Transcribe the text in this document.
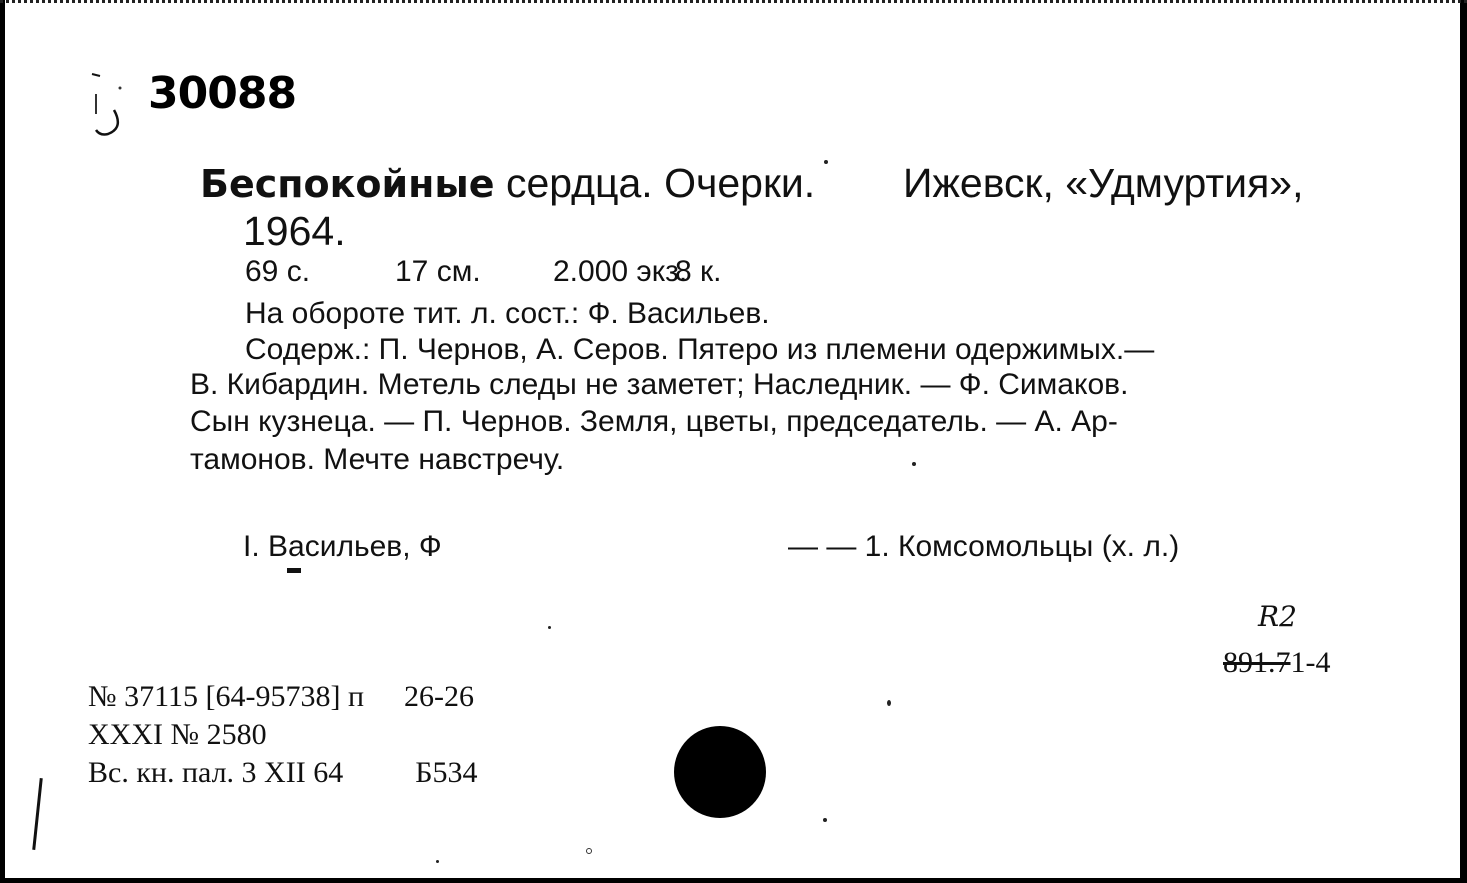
30088
Беспокойные сердца. Очерки. Ижевск, «Удмуртия»,
1964.
69 с.	17 см. 2.000 экз.8 к.
На обороте тит. л. сост.: Ф. Васильев.
Содерж.: П. Чернов, А. Серов. Пятеро из племени одержимых.—
В. Кибардин. Метель следы не заметет; Наследник. — Ф. Симаков.
Сын кузнеца. — П. Чернов. Земля, цветы, председатель. — А. Ар-
тамонов. Мечте навстречу.
I. Васильев, Ф	— — 1. Комсомольцы (х. л.)
R2
891.71-4
№ 37115 [64-95738] п 26-26
XXXI № 2580
Вс. кн. пал. 3 XII 64 Б534
